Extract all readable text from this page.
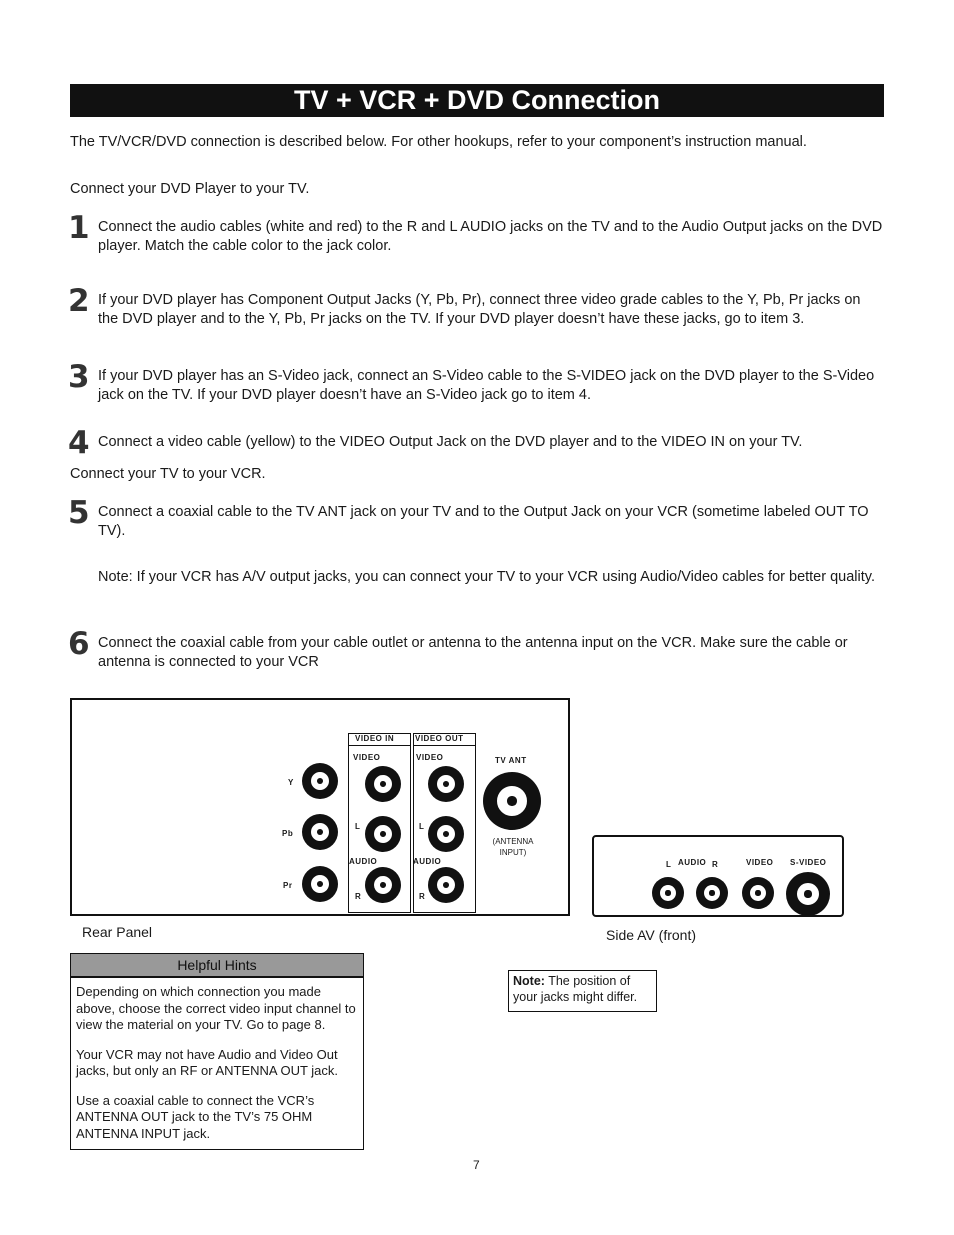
TV + VCR + DVD Connection
The TV/VCR/DVD connection is described below. For other hookups, refer to your component’s instruction manual.
Connect your DVD Player to your TV.
1 Connect the audio cables (white and red) to the R and L AUDIO jacks on the TV and to the Audio Output jacks on the DVD player. Match the cable color to the jack color.
2 If your DVD player has Component Output Jacks (Y, Pb, Pr), connect three video grade cables to the Y, Pb, Pr jacks on the DVD player and to the Y, Pb, Pr jacks on the TV. If your DVD player doesn’t have these jacks, go to item 3.
3 If your DVD player has an S-Video jack, connect an S-Video cable to the S-VIDEO jack on the DVD player to the S-Video jack on the TV. If your DVD player doesn’t have an S-Video jack go to item 4.
4 Connect a video cable (yellow) to the VIDEO Output Jack on the DVD player and to the VIDEO IN on your TV.
Connect your TV to your VCR.
5 Connect a coaxial cable to the TV ANT jack on your TV and to the Output Jack on your VCR (sometime labeled OUT TO TV).
Note: If your VCR has A/V output jacks, you can connect your TV to your VCR using Audio/Video cables for better quality.
6 Connect the coaxial cable from your cable outlet or antenna to the antenna input on the VCR. Make sure the cable or antenna is connected to your VCR
Y
Pb
Pr
VIDEO IN	VIDEO OUT
VIDEO	VIDEO
L	L
AUDIO	AUDIO
R	R
TV ANT
(ANTENNA INPUT)
Rear Panel
L AUDIO R	VIDEO S-VIDEO
Side AV (front)
Helpful Hints
Depending on which connection you made above, choose the correct video input channel to view the material on your TV. Go to page 8.
Your VCR may not have Audio and Video Out jacks, but only an RF or ANTENNA OUT jack.
Use a coaxial cable to connect the VCR’s ANTENNA OUT jack to the TV’s 75 OHM ANTENNA INPUT jack.
Note: The position of your jacks might differ.
7
